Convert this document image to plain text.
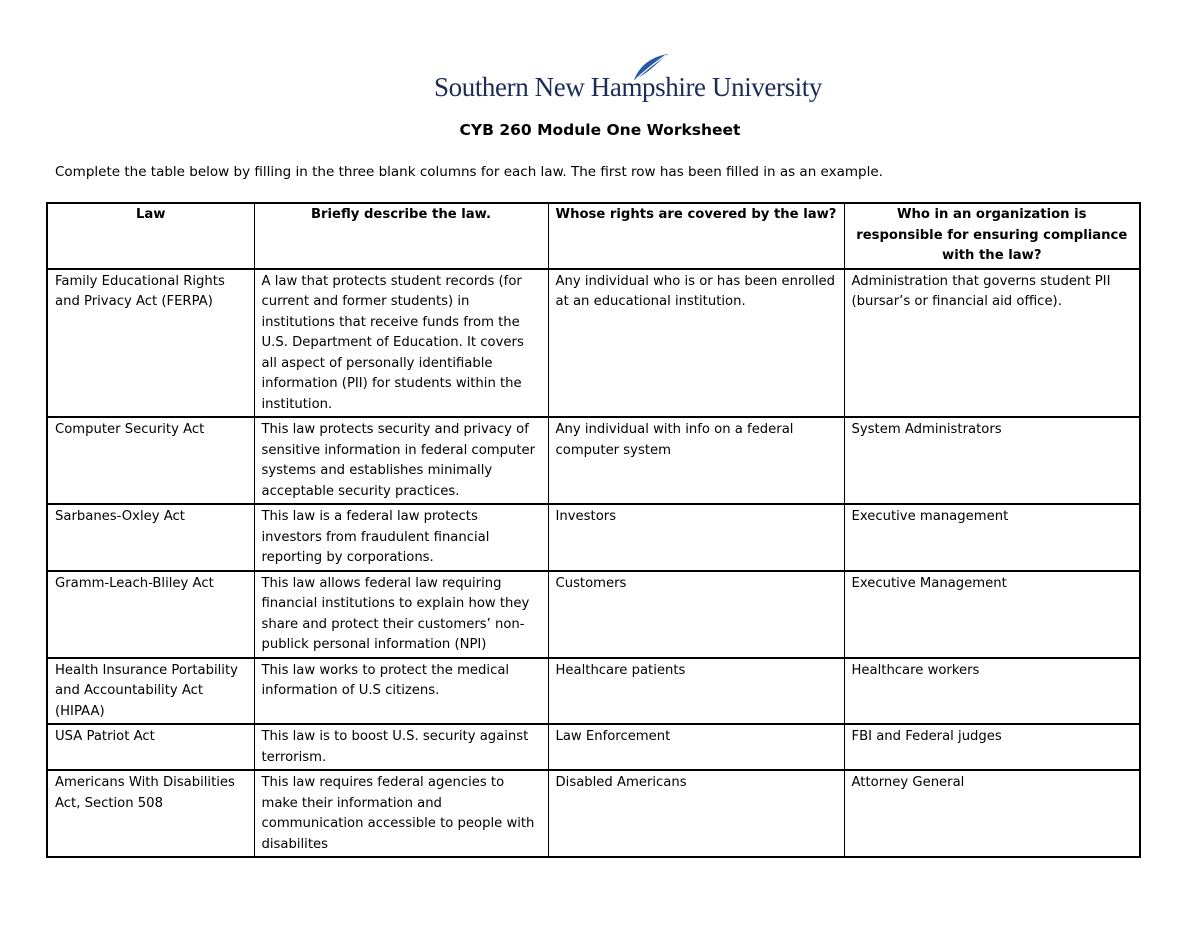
Southern New Hampshire University
CYB 260 Module One Worksheet
Complete the table below by filling in the three blank columns for each law. The first row has been filled in as an example.
Law	Briefly describe the law.	Whose rights are covered by the law?	Who in an organization is responsible for ensuring compliance with the law?
Family Educational Rights and Privacy Act (FERPA)	A law that protects student records (for current and former students) in institutions that receive funds from the U.S. Department of Education. It covers all aspect of personally identifiable information (PII) for students within the institution.	Any individual who is or has been enrolled at an educational institution.	Administration that governs student PII (bursar’s or financial aid office).
Computer Security Act	This law protects security and privacy of sensitive information in federal computer systems and establishes minimally acceptable security practices.	Any individual with info on a federal computer system	System Administrators
Sarbanes-Oxley Act	This law is a federal law protects investors from fraudulent financial reporting by corporations.	Investors	Executive management
Gramm-Leach-Bliley Act	This law allows federal law requiring financial institutions to explain how they share and protect their customers’ non-publick personal information (NPI)	Customers	Executive Management
Health Insurance Portability and Accountability Act (HIPAA)	This law works to protect the medical information of U.S citizens.	Healthcare patients	Healthcare workers
USA Patriot Act	This law is to boost U.S. security against terrorism.	Law Enforcement	FBI and Federal judges
Americans With Disabilities Act, Section 508	This law requires federal agencies to make their information and communication accessible to people with disabilites	Disabled Americans	Attorney General
